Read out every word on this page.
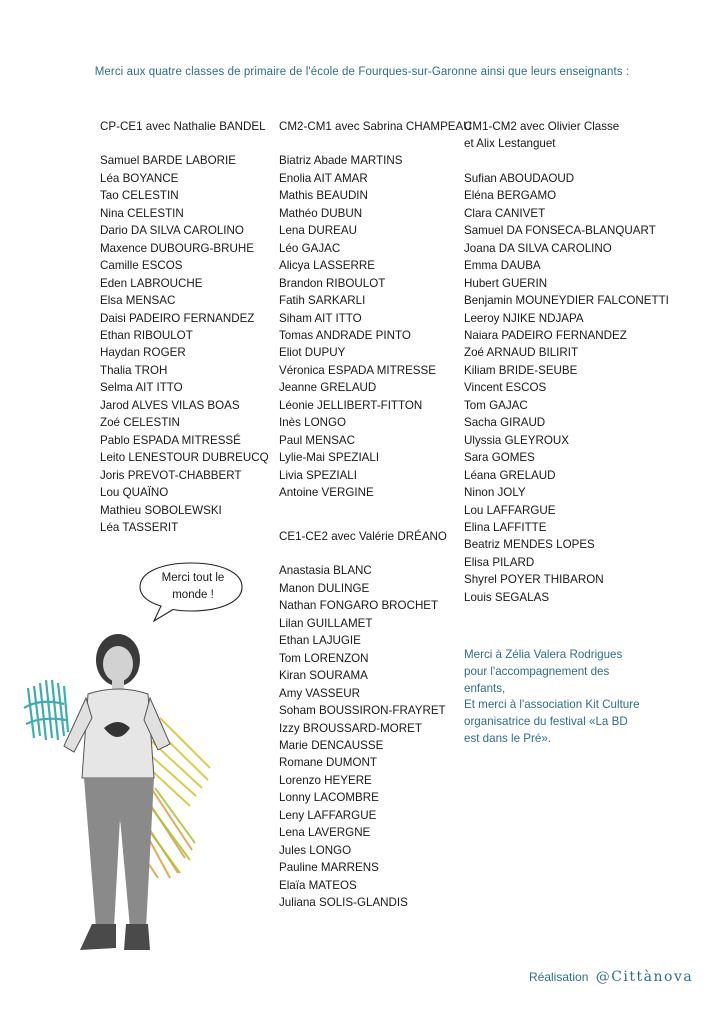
Merci aux quatre classes de primaire de l'école de Fourques-sur-Garonne ainsi que leurs enseignants :
CP-CE1 avec Nathalie BANDEL
Samuel BARDE LABORIE
Léa BOYANCE
Tao CELESTIN
Nina CELESTIN
Dario DA SILVA CAROLINO
Maxence DUBOURG-BRUHE
Camille ESCOS
Eden LABROUCHE
Elsa MENSAC
Daisi PADEIRO FERNANDEZ
Ethan RIBOULOT
Haydan ROGER
Thalia TROH
Selma AIT ITTO
Jarod ALVES VILAS BOAS
Zoé CELESTIN
Pablo ESPADA MITRESSÉ
Leito LENESTOUR DUBREUCQ
Joris PREVOT-CHABBERT
Lou QUAÏNO
Mathieu SOBOLEWSKI
Léa TASSERIT
CM2-CM1 avec Sabrina CHAMPEAU
Biatriz Abade MARTINS
Enolia AIT AMAR
Mathis BEAUDIN
Mathéo DUBUN
Lena DUREAU
Léo GAJAC
Alicya LASSERRE
Brandon RIBOULOT
Fatih SARKARLI
Siham AIT ITTO
Tomas ANDRADE PINTO
Eliot DUPUY
Véronica ESPADA MITRESSE
Jeanne GRELAUD
Léonie JELLIBERT-FITTON
Inès LONGO
Paul MENSAC
Lylie-Mai SPEZIALI
Livia SPEZIALI
Antoine VERGINE
CE1-CE2 avec Valérie DRÉANO
Anastasia BLANC
Manon DULINGE
Nathan FONGARO BROCHET
Lilan GUILLAMET
Ethan LAJUGIE
Tom LORENZON
Kiran SOURAMA
Amy VASSEUR
Soham BOUSSIRON-FRAYRET
Izzy BROUSSARD-MORET
Marie DENCAUSSE
Romane DUMONT
Lorenzo HEYERE
Lonny LACOMBRE
Leny LAFFARGUE
Lena LAVERGNE
Jules LONGO
Pauline MARRENS
Elaïa MATEOS
Juliana SOLIS-GLANDIS
CM1-CM2 avec Olivier Classe
et Alix Lestanguet
Sufian ABOUDAOUD
Eléna BERGAMO
Clara CANIVET
Samuel DA FONSECA-BLANQUART
Joana DA SILVA CAROLINO
Emma DAUBA
Hubert GUERIN
Benjamin MOUNEYDIER FALCONETTI
Leeroy NJIKE NDJAPA
Naiara PADEIRO FERNANDEZ
Zoé ARNAUD BILIRIT
Kiliam BRIDE-SEUBE
Vincent ESCOS
Tom GAJAC
Sacha GIRAUD
Ulyssia GLEYROUX
Sara GOMES
Léana GRELAUD
Ninon JOLY
Lou LAFFARGUE
Elina LAFFITTE
Beatriz MENDES LOPES
Elisa PILARD
Shyrel POYER THIBARON
Louis SEGALAS
Merci à Zélia Valera Rodrigues
pour l'accompagnement des
enfants,
Et merci à l'association Kit Culture
organisatrice du festival «La BD
est dans le Pré».
Merci tout le
monde !
Réalisation @Cittànova
